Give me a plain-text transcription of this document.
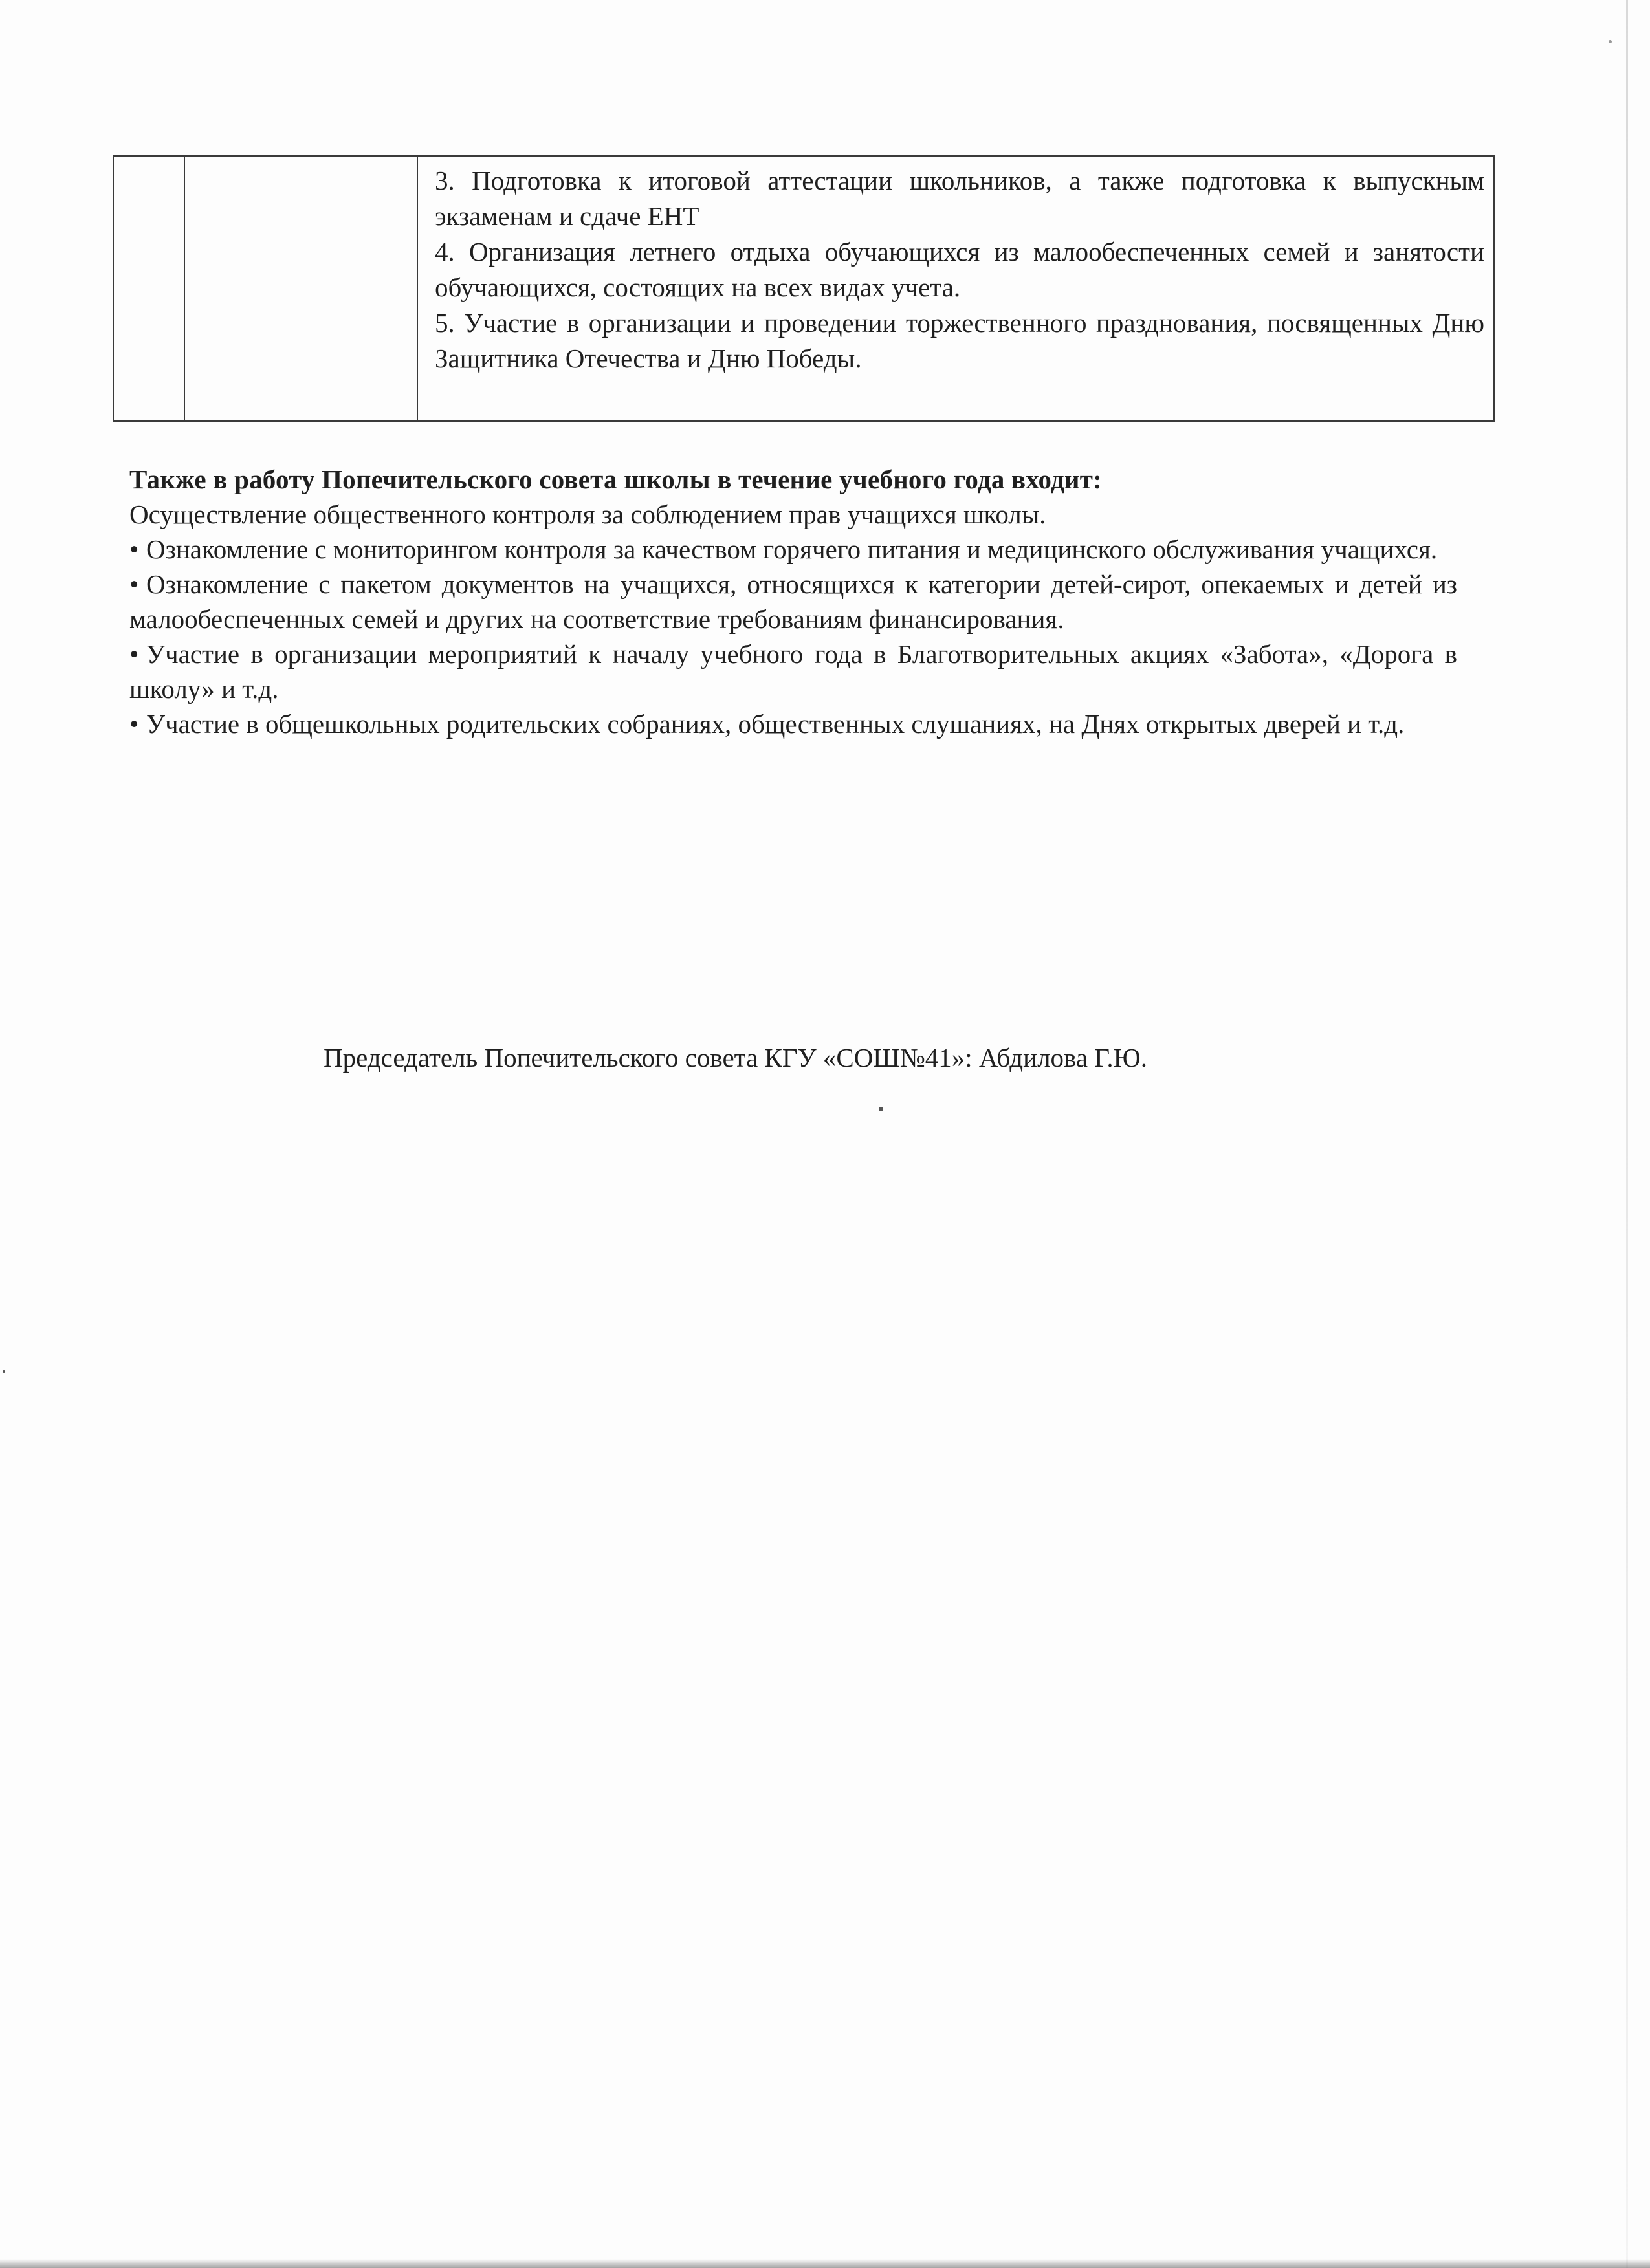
3. Подготовка к итоговой аттестации школьников, а также подготовка к выпускным экзаменам и сдаче ЕНТ

4. Организация летнего отдыха обучающихся из малообеспеченных семей и занятости обучающихся, состоящих на всех видах учета.

5. Участие в организации и проведении торжественного празднования, посвященных Дню Защитника Отечества и Дню Победы.

Также в работу Попечительского совета школы в течение учебного года входит:

Осуществление общественного контроля за соблюдением прав учащихся школы.

• Ознакомление с мониторингом контроля за качеством горячего питания и медицинского обслуживания учащихся.

• Ознакомление с пакетом документов на учащихся, относящихся к категории детей-сирот, опекаемых и детей из малообеспеченных семей и других на соответствие требованиям финансирования.

• Участие в организации мероприятий к началу учебного года в Благотворительных акциях «Забота», «Дорога в школу» и т.д.

• Участие в общешкольных родительских собраниях, общественных слушаниях, на Днях открытых дверей и т.д.

Председатель Попечительского совета КГУ «СОШ№41»: Абдилова Г.Ю.
